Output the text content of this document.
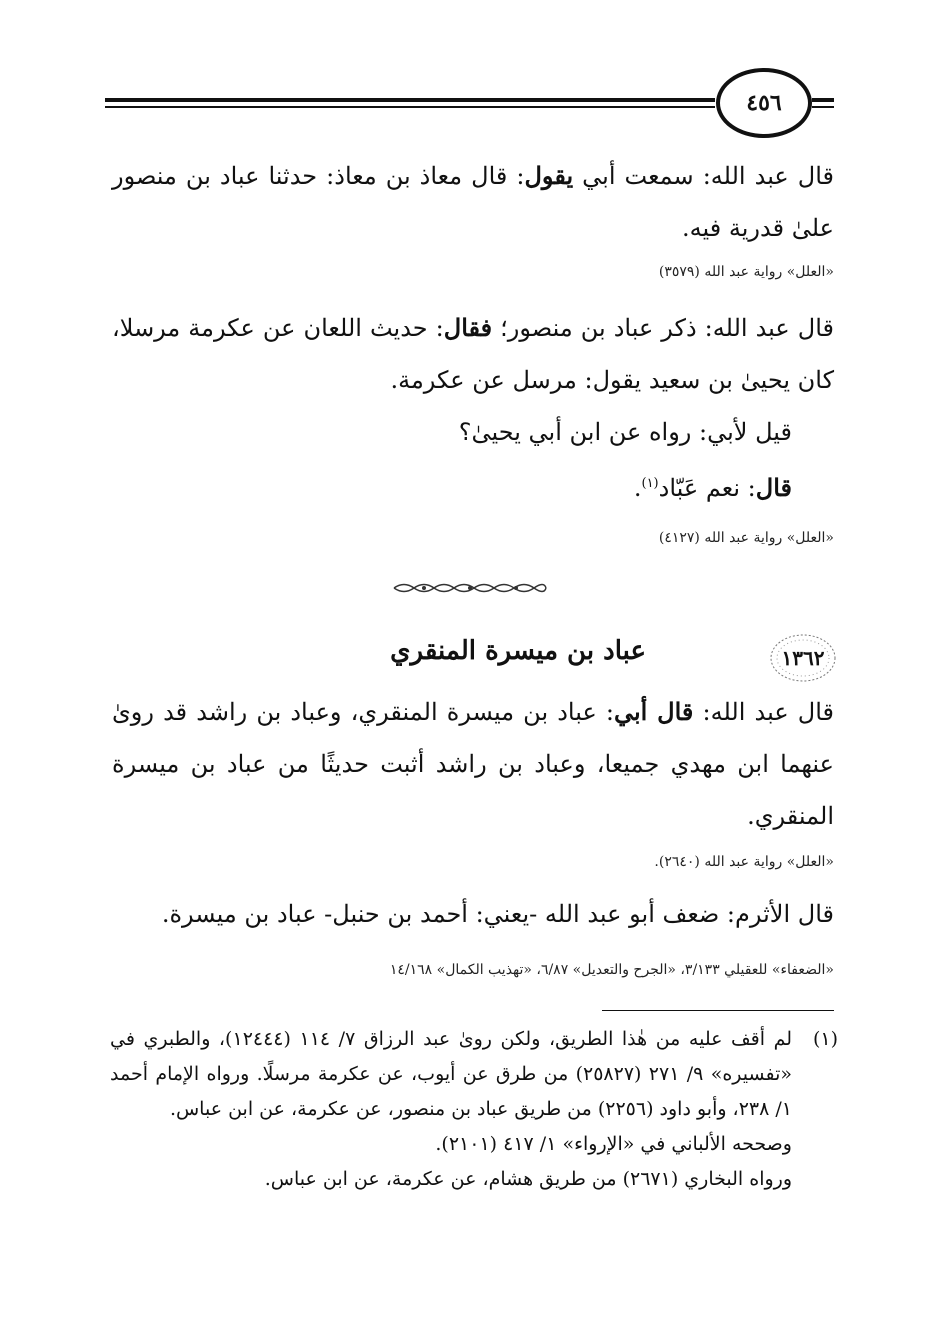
٤٥٦
قال عبد الله: سمعت أبي يقول: قال معاذ بن معاذ: حدثنا عباد بن منصور علىٰ قدرية فيه.
«العلل» رواية عبد الله (٣٥٧٩)
قال عبد الله: ذكر عباد بن منصور؛ فقال: حديث اللعان عن عكرمة مرسلا، كان يحيىٰ بن سعيد يقول: مرسل عن عكرمة.
قيل لأبي: رواه عن ابن أبي يحيىٰ؟
قال: نعم عَبّاد$^{(١)}$.
«العلل» رواية عبد الله (٤١٢٧)
١٣٦٢
عباد بن ميسرة المنقري
قال عبد الله: قال أبي: عباد بن ميسرة المنقري، وعباد بن راشد قد روىٰ عنهما ابن مهدي جميعا، وعباد بن راشد أثبت حديثًا من عباد بن ميسرة المنقري.
«العلل» رواية عبد الله (٢٦٤٠).
قال الأثرم: ضعف أبو عبد الله -يعني: أحمد بن حنبل- عباد بن ميسرة.
«الضعفاء» للعقيلي ٣/١٣٣، «الجرح والتعديل» ٦/٨٧، «تهذيب الكمال» ١٤/١٦٨
(١)
لم أقف عليه من هٰذا الطريق، ولكن روىٰ عبد الرزاق ٧/ ١١٤ (١٢٤٤٤)، والطبري في «تفسيره» ٩/ ٢٧١ (٢٥٨٢٧) من طرق عن أيوب، عن عكرمة مرسلًا. ورواه الإمام أحمد ١/ ٢٣٨، وأبو داود (٢٢٥٦) من طريق عباد بن منصور، عن عكرمة، عن ابن عباس.
وصححه الألباني في «الإرواء» ١/ ٤١٧ (٢١٠١).
ورواه البخاري (٢٦٧١) من طريق هشام، عن عكرمة، عن ابن عباس.
